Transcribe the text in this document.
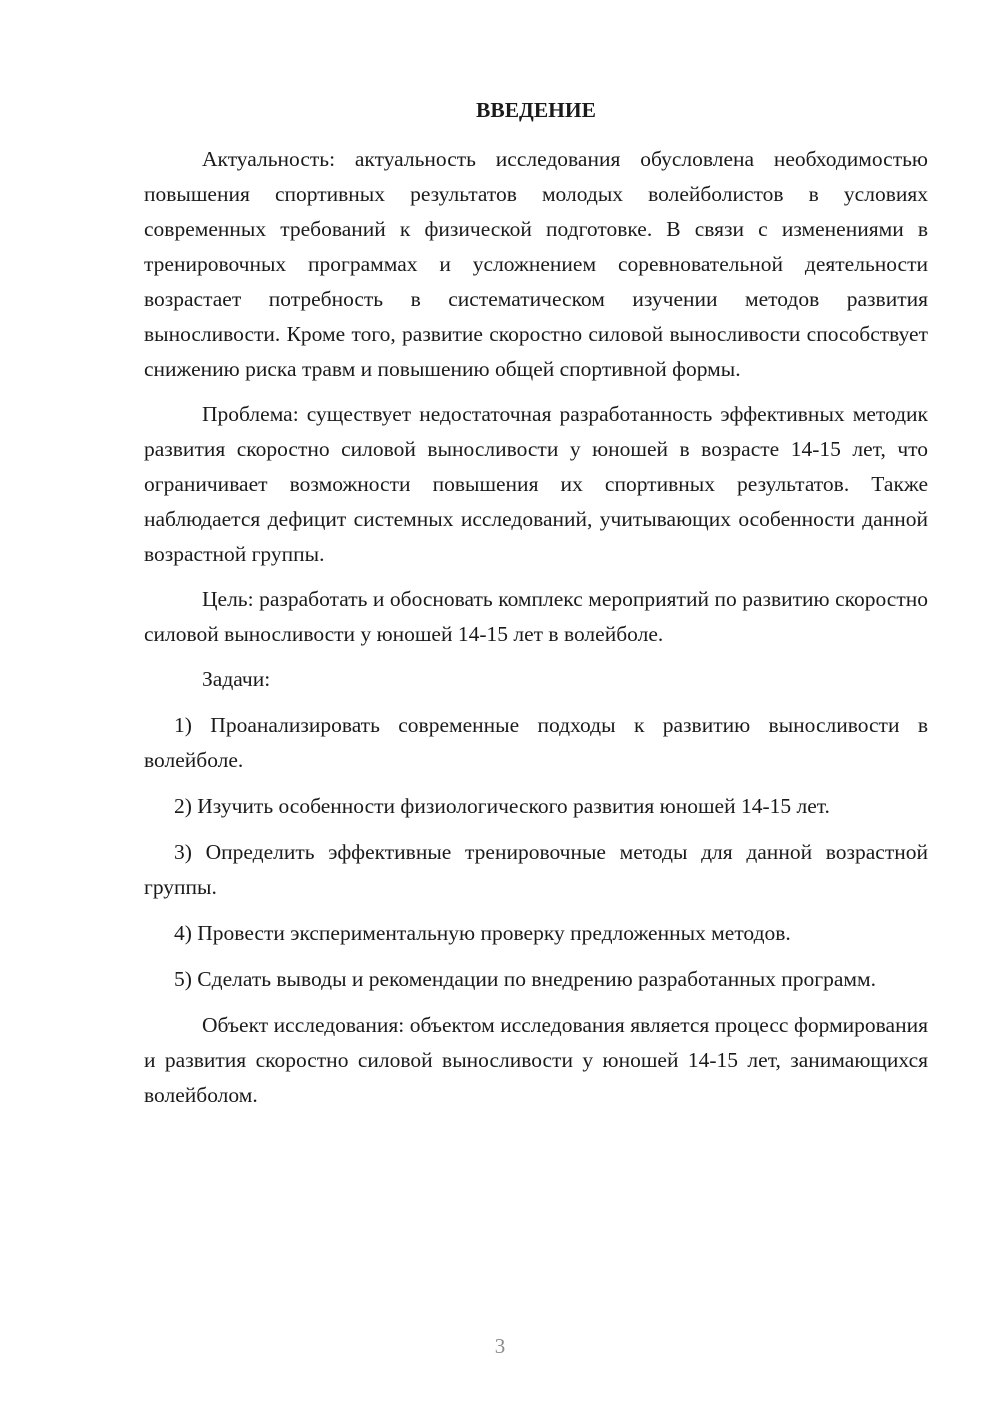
ВВЕДЕНИЕ

Актуальность: актуальность исследования обусловлена необходимостью повышения спортивных результатов молодых волейболистов в условиях современных требований к физической подготовке. В связи с изменениями в тренировочных программах и усложнением соревновательной деятельности возрастает потребность в систематическом изучении методов развития выносливости. Кроме того, развитие скоростно силовой выносливости способствует снижению риска травм и повышению общей спортивной формы.

Проблема: существует недостаточная разработанность эффективных методик развития скоростно силовой выносливости у юношей в возрасте 14-15 лет, что ограничивает возможности повышения их спортивных результатов. Также наблюдается дефицит системных исследований, учитывающих особенности данной возрастной группы.

Цель: разработать и обосновать комплекс мероприятий по развитию скоростно силовой выносливости у юношей 14-15 лет в волейболе.

Задачи:

1) Проанализировать современные подходы к развитию выносливости в волейболе.

2) Изучить особенности физиологического развития юношей 14-15 лет.

3) Определить эффективные тренировочные методы для данной возрастной группы.

4) Провести экспериментальную проверку предложенных методов.

5) Сделать выводы и рекомендации по внедрению разработанных программ.

Объект исследования: объектом исследования является процесс формирования и развития скоростно силовой выносливости у юношей 14-15 лет, занимающихся волейболом.

3
